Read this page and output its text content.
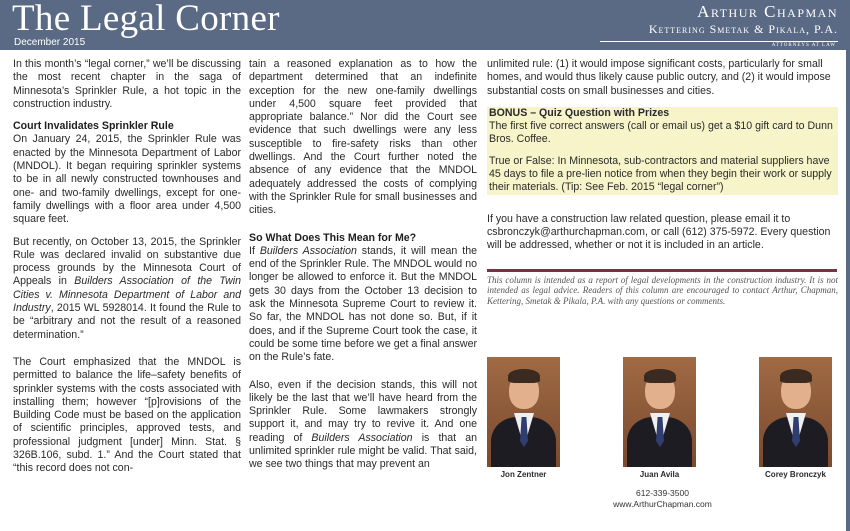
The Legal Corner
December 2015
Arthur Chapman
Kettering Smetak & Pikala, P.A.
ATTORNEYS AT LAW

In this month’s “legal corner,” we’ll be discussing the most recent chapter in the saga of Minnesota’s Sprinkler Rule, a hot topic in the construction industry.

Court Invalidates Sprinkler Rule

On January 24, 2015, the Sprinkler Rule was enacted by the Minnesota Department of Labor (MNDOL). It began requiring sprinkler systems to be in all newly constructed townhouses and one- and two-family dwellings, except for one-family dwellings with a floor area under 4,500 square feet.

But recently, on October 13, 2015, the Sprinkler Rule was declared invalid on substantive due process grounds by the Minnesota Court of Appeals in Builders Association of the Twin Cities v. Minnesota Department of Labor and Industry, 2015 WL 5928014. It found the Rule to be “arbitrary and not the result of a reasoned determination.”

The Court emphasized that the MNDOL is permitted to balance the life–safety benefits of sprinkler systems with the costs associated with installing them; however “[p]rovisions of the Building Code must be based on the application of scientific principles, approved tests, and professional judgment [under] Minn. Stat. § 326B.106, subd. 1.” And the Court stated that “this record does not con-

tain a reasoned explanation as to how the department determined that an indefinite exception for the new one-family dwellings under 4,500 square feet provided that appropriate balance.” Nor did the Court see evidence that such dwellings were any less susceptible to fire-safety risks than other dwellings. And the Court further noted the absence of any evidence that the MNDOL adequately addressed the costs of complying with the Sprinkler Rule for small businesses and cities.

So What Does This Mean for Me?

If Builders Association stands, it will mean the end of the Sprinkler Rule. The MNDOL would no longer be allowed to enforce it. But the MNDOL gets 30 days from the October 13 decision to ask the Minnesota Supreme Court to review it. So far, the MNDOL has not done so. But, if it does, and if the Supreme Court took the case, it could be some time before we get a final answer on the Rule’s fate.

Also, even if the decision stands, this will not likely be the last that we’ll have heard from the Sprinkler Rule. Some lawmakers strongly support it, and may try to revive it. And one reading of Builders Association is that an unlimited sprinkler rule might be valid. That said, we see two things that may prevent an

unlimited rule: (1) it would impose significant costs, particularly for small homes, and would thus likely cause public outcry, and (2) it would impose substantial costs on small businesses and cities.

BONUS – Quiz Question with Prizes

The first five correct answers (call or email us) get a $10 gift card to Dunn Bros. Coffee.

True or False: In Minnesota, sub-contractors and material suppliers have 45 days to file a pre-lien notice from when they begin their work or supply their materials. (Tip: See Feb. 2015 “legal corner”)

If you have a construction law related question, please email it to csbronczyk@arthurchapman.com, or call (612) 375-5972. Every question will be addressed, whether or not it is included in an article.

This column is intended as a report of legal developments in the construction industry. It is not intended as legal advice. Readers of this column are encouraged to contact Arthur, Chapman, Kettering, Smetak & Pikala, P.A. with any questions or comments.
Jon Zentner	Juan Avila	Corey Bronczyk
612-339-3500
www.ArthurChapman.com
